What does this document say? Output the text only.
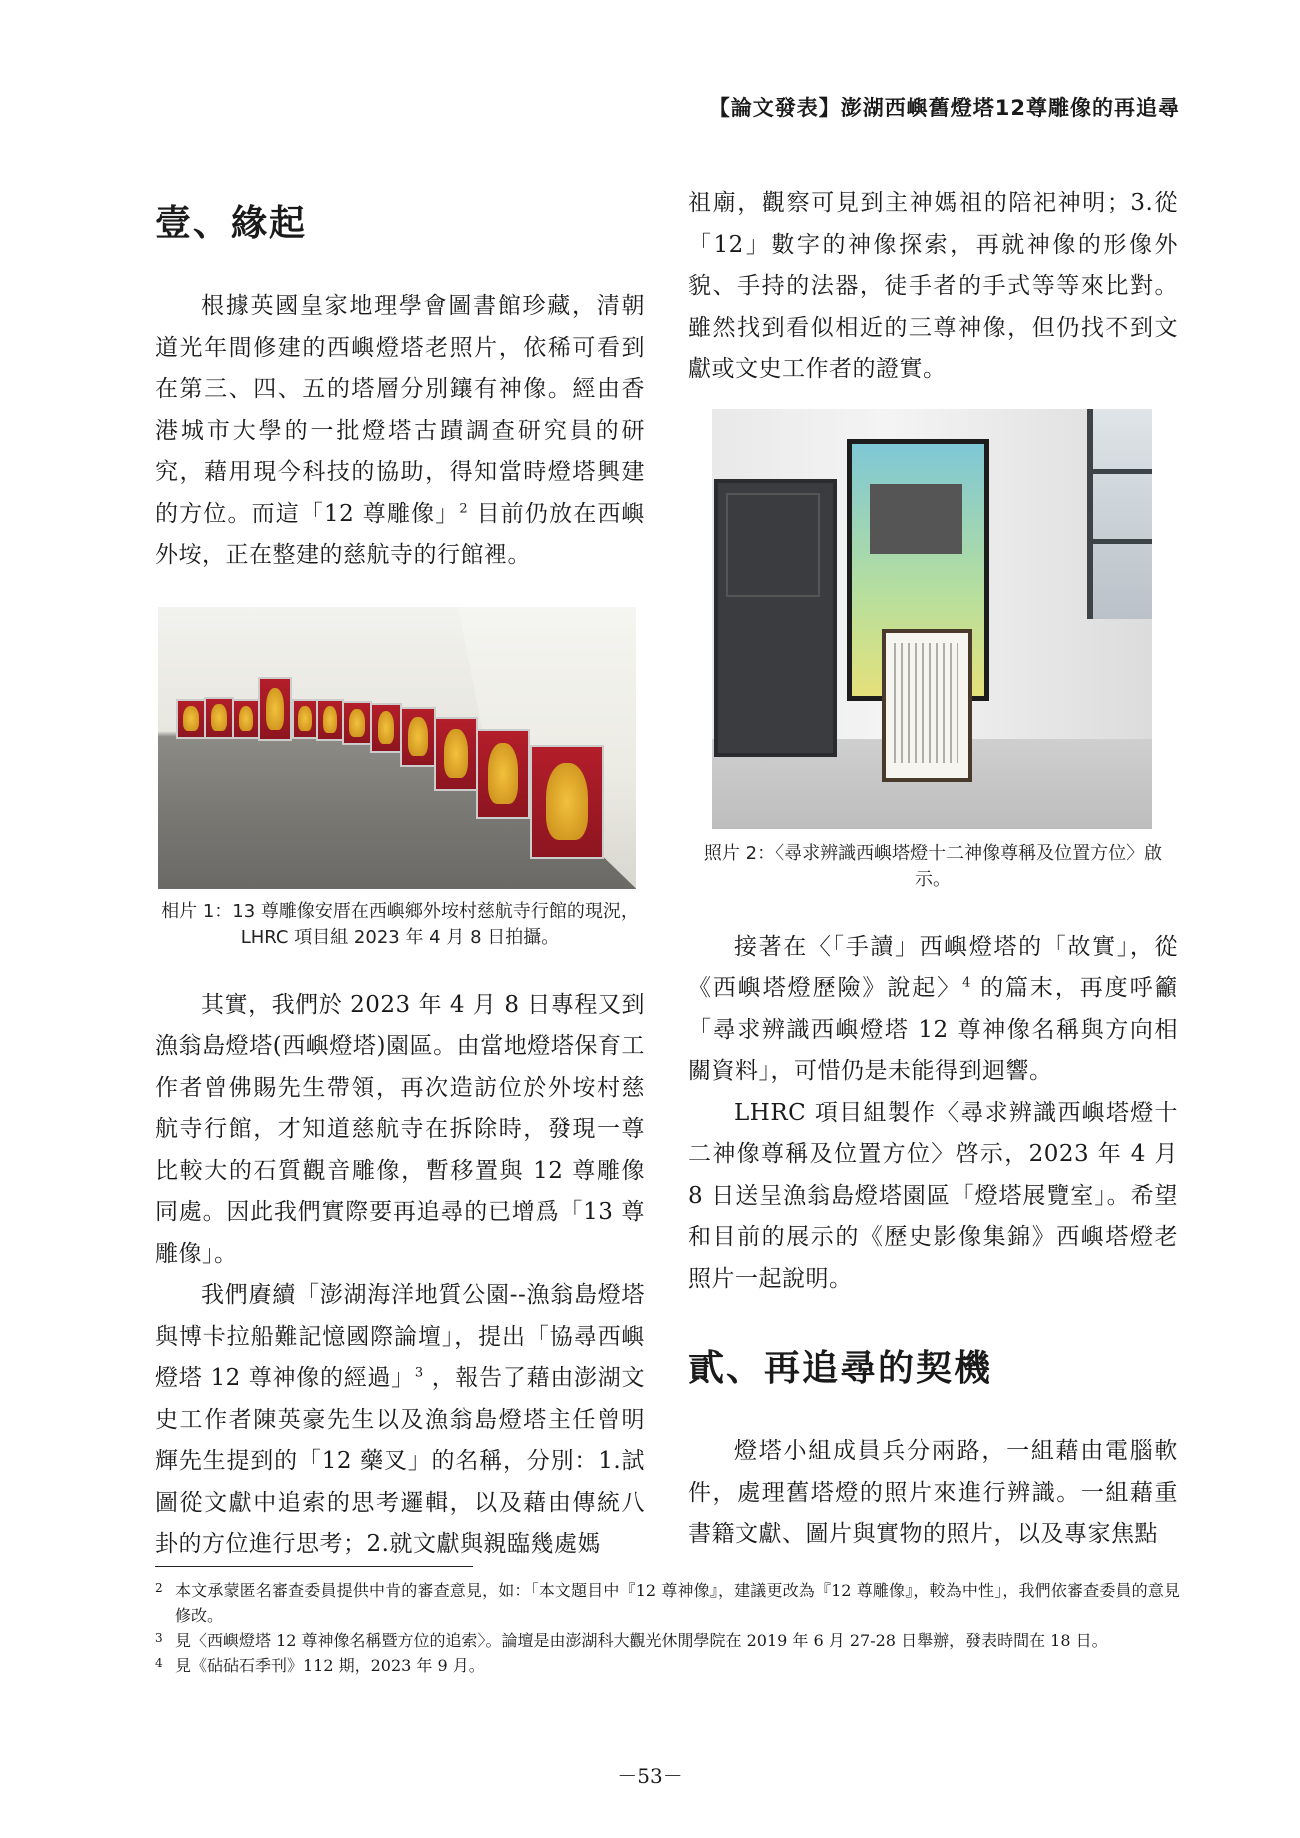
【論文發表】澎湖西嶼舊燈塔12尊雕像的再追尋
壹、緣起

根據英國皇家地理學會圖書館珍藏，清朝道光年間修建的西嶼燈塔老照片，依稀可看到在第三、四、五的塔層分別鑲有神像。經由香港城市大學的一批燈塔古蹟調查研究員的研究，藉用現今科技的協助，得知當時燈塔興建的方位。而這「12 尊雕像」$^2$ 目前仍放在西嶼外垵，正在整建的慈航寺的行館裡。

相片 1：13 尊雕像安厝在西嶼鄉外垵村慈航寺行館的現況，LHRC 項目組 2023 年 4 月 8 日拍攝。

其實，我們於 2023 年 4 月 8 日專程又到漁翁島燈塔(西嶼燈塔)園區。由當地燈塔保育工作者曾佛賜先生帶領，再次造訪位於外垵村慈航寺行館，才知道慈航寺在拆除時，發現一尊比較大的石質觀音雕像，暫移置與 12 尊雕像同處。因此我們實際要再追尋的已增爲「13 尊雕像」。

我們賡續「澎湖海洋地質公園--漁翁島燈塔與博卡拉船難記憶國際論壇」，提出「協尋西嶼燈塔 12 尊神像的經過」$^3$ ，報告了藉由澎湖文史工作者陳英豪先生以及漁翁島燈塔主任曾明輝先生提到的「12 藥叉」的名稱，分別：1.試圖從文獻中追索的思考邏輯，以及藉由傳統八卦的方位進行思考；2.就文獻與親臨幾處媽

祖廟，觀察可見到主神媽祖的陪祀神明；3.從「12」數字的神像探索，再就神像的形像外貌、手持的法器，徒手者的手式等等來比對。雖然找到看似相近的三尊神像，但仍找不到文獻或文史工作者的證實。

照片 2：〈尋求辨識西嶼塔燈十二神像尊稱及位置方位〉啟示。

接著在〈「手讀」西嶼燈塔的「故實」，從《西嶼塔燈歷險》說起〉$^4$ 的篇末，再度呼籲「尋求辨識西嶼燈塔 12 尊神像名稱與方向相關資料」，可惜仍是未能得到迴響。

LHRC 項目組製作〈尋求辨識西嶼塔燈十二神像尊稱及位置方位〉啓示，2023 年 4 月 8 日送呈漁翁島燈塔園區「燈塔展覽室」。希望和目前的展示的《歷史影像集錦》西嶼塔燈老照片一起說明。

貳、再追尋的契機

燈塔小組成員兵分兩路，一組藉由電腦軟件，處理舊塔燈的照片來進行辨識。一組藉重書籍文獻、圖片與實物的照片，以及專家焦點

2 本文承蒙匿名審查委員提供中肯的審查意見，如：「本文題目中『12 尊神像』，建議更改為『12 尊雕像』，較為中性」，我們依審查委員的意見修改。
3 見〈西嶼燈塔 12 尊神像名稱暨方位的追索〉。論壇是由澎湖科大觀光休閒學院在 2019 年 6 月 27-28 日舉辦，發表時間在 18 日。
4 見《砧砧石季刊》112 期，2023 年 9 月。
－53－
